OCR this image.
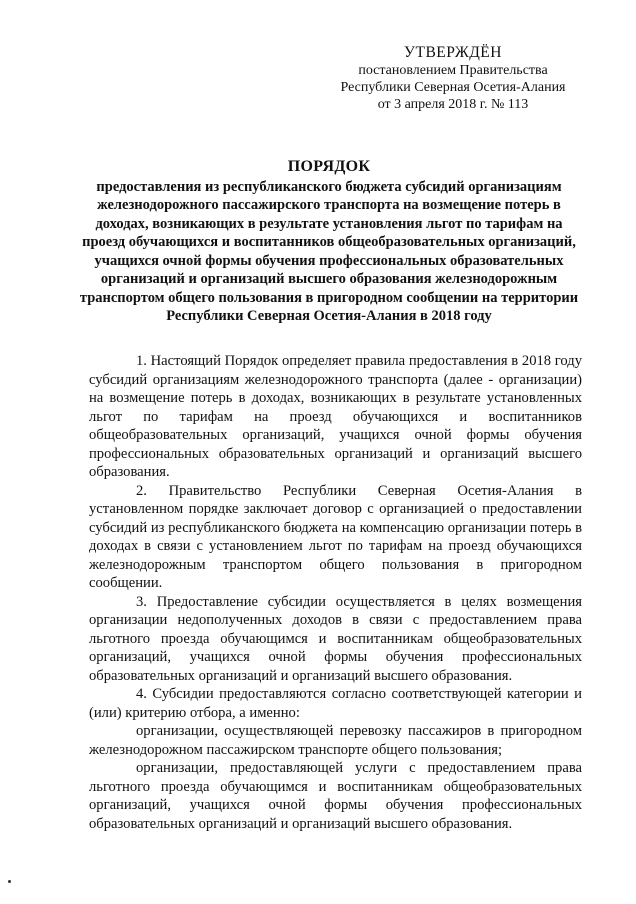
УТВЕРЖДЁН
постановлением Правительства
Республики Северная Осетия-Алания
от 3 апреля 2018 г. № 113
ПОРЯДОК
предоставления из республиканского бюджета субсидий организациям железнодорожного пассажирского транспорта на возмещение потерь в доходах, возникающих в результате установления льгот по тарифам на проезд обучающихся и воспитанников общеобразовательных организаций, учащихся очной формы обучения профессиональных образовательных организаций и организаций высшего образования железнодорожным транспортом общего пользования в пригородном сообщении на территории Республики Северная Осетия-Алания в 2018 году

1. Настоящий Порядок определяет правила предоставления в 2018 году субсидий организациям железнодорожного транспорта (далее - организации) на возмещение потерь в доходах, возникающих в результате установленных льгот по тарифам на проезд обучающихся и воспитанников общеобразовательных организаций, учащихся очной формы обучения профессиональных образовательных организаций и организаций высшего образования.

2. Правительство Республики Северная Осетия-Алания в установленном порядке заключает договор с организацией о предоставлении субсидий из республиканского бюджета на компенсацию организации потерь в доходах в связи с установлением льгот по тарифам на проезд обучающихся железнодорожным транспортом общего пользования в пригородном сообщении.

3. Предоставление субсидии осуществляется в целях возмещения организации недополученных доходов в связи с предоставлением права льготного проезда обучающимся и воспитанникам общеобразовательных организаций, учащихся очной формы обучения профессиональных образовательных организаций и организаций высшего образования.

4. Субсидии предоставляются согласно соответствующей категории и (или) критерию отбора, а именно:

организации, осуществляющей перевозку пассажиров в пригородном железнодорожном пассажирском транспорте общего пользования;

организации, предоставляющей услуги с предоставлением права льготного проезда обучающимся и воспитанникам общеобразовательных организаций, учащихся очной формы обучения профессиональных образовательных организаций и организаций высшего образования.
